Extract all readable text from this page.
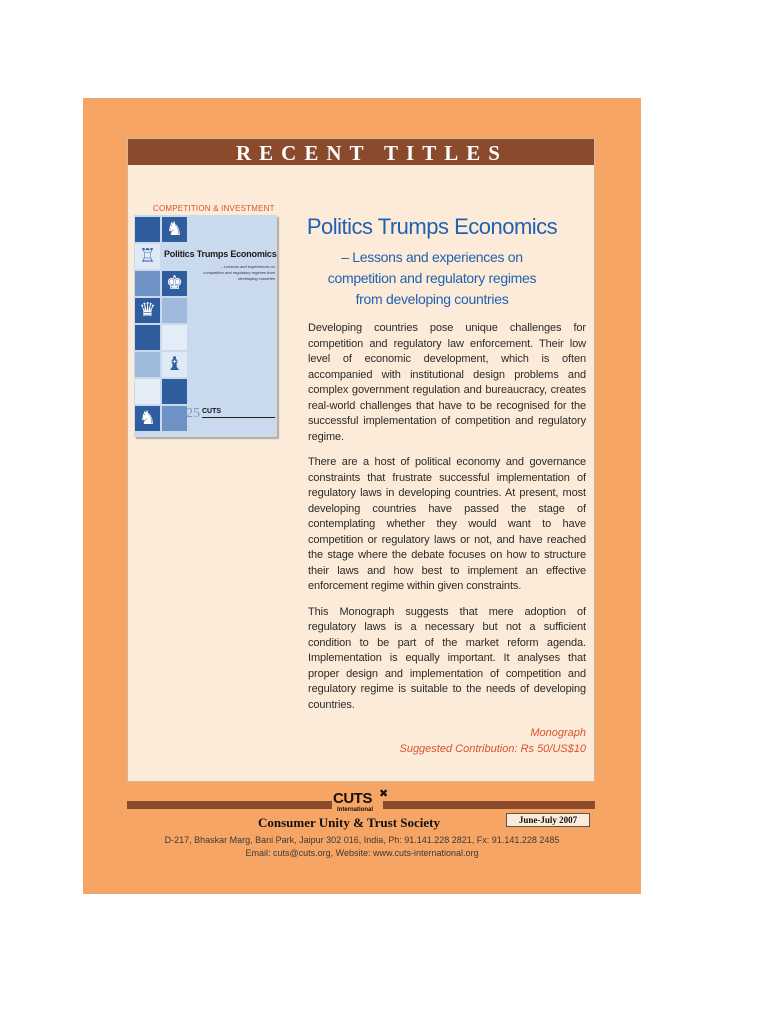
RECENT TITLES
COMPETITION & INVESTMENT
♞
♖
♚
♛
♝
♞
Politics Trumps Economics
– Lessons and experiences on competition and regulatory regimes from developing countries
25 CUTS
Politics Trumps Economics
– Lessons and experiences on
competition and regulatory regimes
from developing countries

Developing countries pose unique challenges for competition and regulatory law enforcement. Their low level of economic development, which is often accompanied with institutional design problems and complex government regulation and bureaucracy, creates real-world challenges that have to be recognised for the successful implementation of competition and regulatory regime.

There are a host of political economy and governance constraints that frustrate successful implementation of regulatory laws in developing countries. At present, most developing countries have passed the stage of contemplating whether they would want to have competition or regulatory laws or not, and have reached the stage where the debate focuses on how to structure their laws and how best to implement an effective enforcement regime within given constraints.

This Monograph suggests that mere adoption of regulatory laws is a necessary but not a sufficient condition to be part of the market reform agenda. Implementation is equally important. It analyses that proper design and implementation of competition and regulatory regime is suitable to the needs of developing countries.

Monograph
Suggested Contribution: Rs 50/US$10
CUTS ✖
International
Consumer Unity & Trust Society	June-July 2007
D-217, Bhaskar Marg, Bani Park, Jaipur 302 016, India, Ph: 91.141.228 2821, Fx: 91.141.228 2485
Email: cuts@cuts.org, Website: www.cuts-international.org
